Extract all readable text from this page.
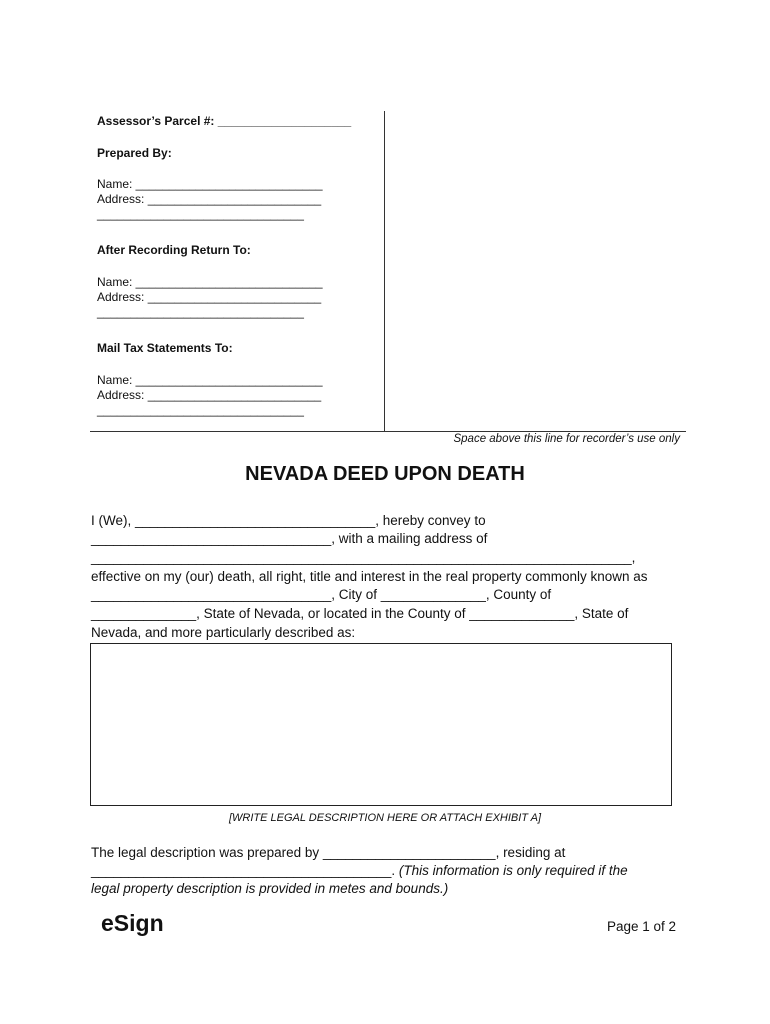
Assessor’s Parcel #: ____________________
Prepared By:
Name: ____________________________
Address: __________________________
_______________________________
After Recording Return To:
Name: ____________________________
Address: __________________________
_______________________________
Mail Tax Statements To:
Name: ____________________________
Address: __________________________
_______________________________
Space above this line for recorder’s use only
NEVADA DEED UPON DEATH
I (We), ________________________________, hereby convey to
________________________________, with a mailing address of
________________________________________________________________________,
effective on my (our) death, all right, title and interest in the real property commonly known as
________________________________, City of ______________, County of
______________, State of Nevada, or located in the County of ______________, State of
Nevada, and more particularly described as:
[WRITE LEGAL DESCRIPTION HERE OR ATTACH EXHIBIT A]
The legal description was prepared by _______________________, residing at
________________________________________. (This information is only required if the
legal property description is provided in metes and bounds.)
eSign	Page 1 of 2
